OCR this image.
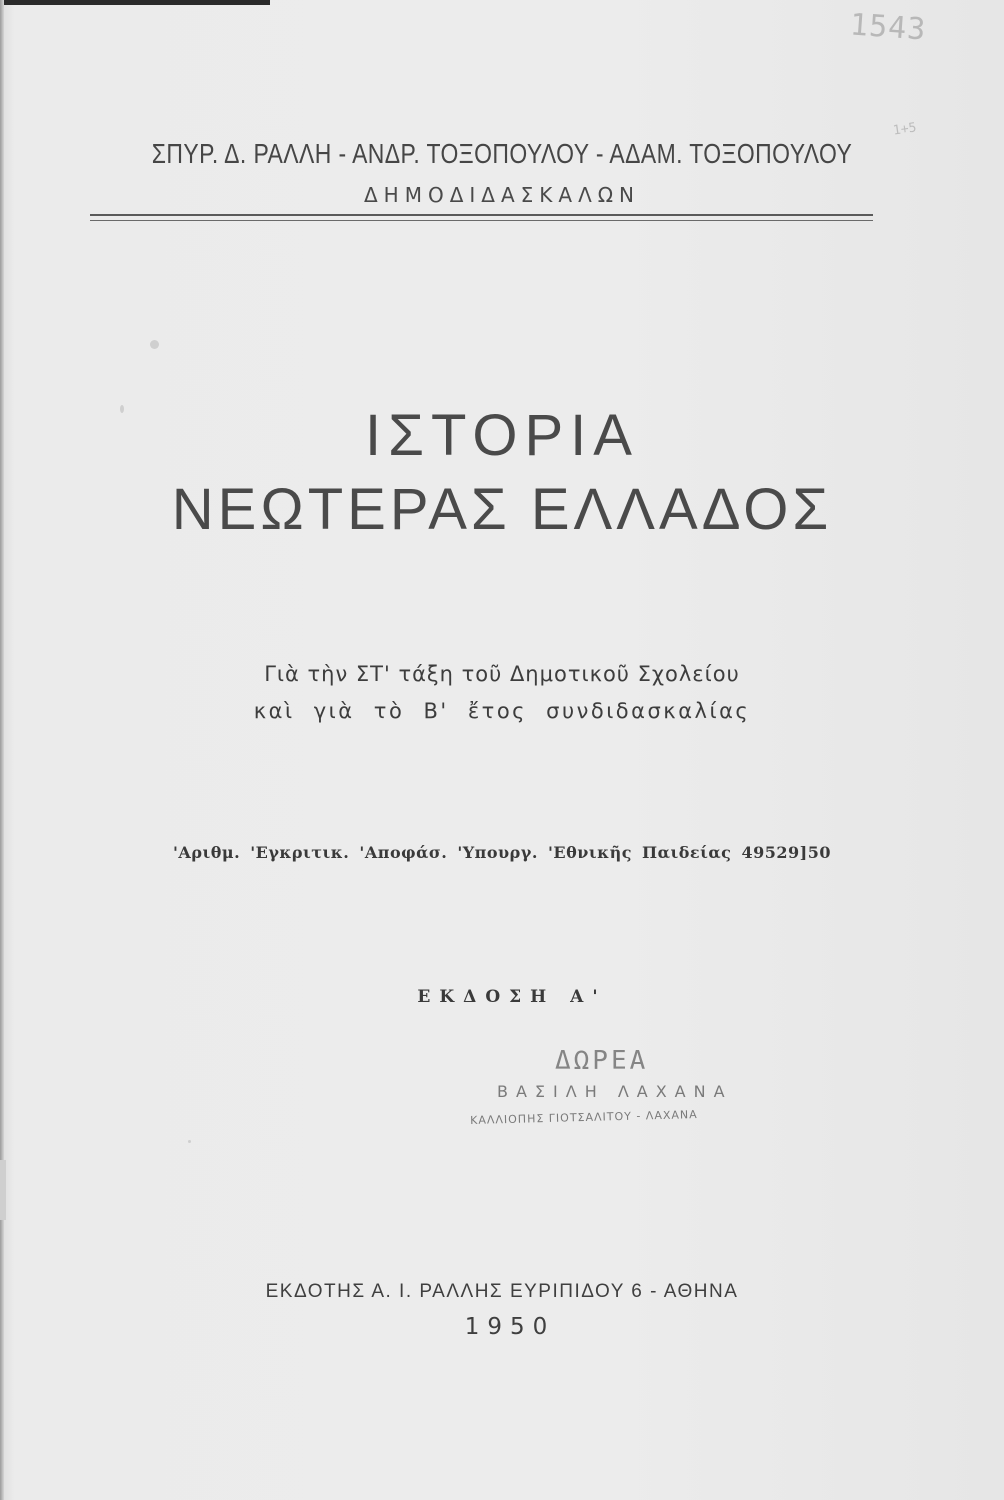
1543
1+5
ΣΠΥΡ. Δ. ΡΑΛΛΗ - ΑΝΔΡ. ΤΟΞΟΠΟΥΛΟΥ - ΑΔΑΜ. ΤΟΞΟΠΟΥΛΟΥ
ΔΗΜΟΔΙΔΑΣΚΑΛΩΝ
ΙΣΤΟΡΙΑ
ΝΕΩΤΕΡΑΣ ΕΛΛΑΔΟΣ
Γιὰ τὴν ΣΤ' τάξη τοῦ Δημοτικοῦ Σχολείου
καὶ γιὰ τὸ Β' ἔτος συνδιδασκαλίας
'Αριθμ. 'Εγκριτικ. 'Αποφάσ. 'Υπουργ. 'Εθνικῆς Παιδείας 49529]50
ΕΚΔΟΣΗ Α'
ΔΩΡΕΑ
ΒΑΣΙΛΗ ΛΑΧΑΝΑ
ΚΑΛΛΙΟΠΗΣ ΓΙΟΤΣΑΛΙΤΟΥ - ΛΑΧΑΝΑ
ΕΚΔΟΤΗΣ Α. Ι. ΡΑΛΛΗΣ ΕΥΡΙΠΙΔΟΥ 6 - ΑΘΗΝΑ
1950
